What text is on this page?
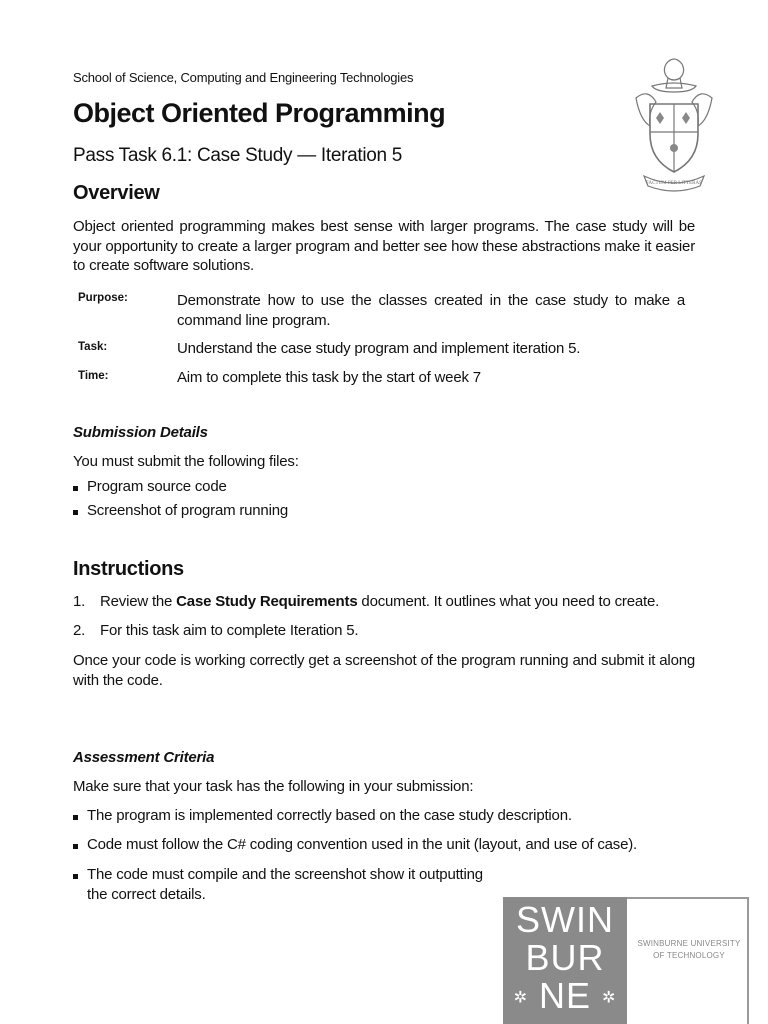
School of Science, Computing and Engineering Technologies
Object Oriented Programming
Pass Task 6.1: Case Study — Iteration 5
FACTUM PER LITTERAS
Overview
Object oriented programming makes best sense with larger programs. The case study will be your opportunity to create a larger program and better see how these abstractions make it easier to create software solutions.
Purpose:	Demonstrate how to use the classes created in the case study to make a command line program.
Task:	Understand the case study program and implement iteration 5.
Time:	Aim to complete this task by the start of week 7
Submission Details
You must submit the following files:
Program source code
Screenshot of program running
Instructions
1. Review the Case Study Requirements document. It outlines what you need to create.
2. For this task aim to complete Iteration 5.
Once your code is working correctly get a screenshot of the program running and submit it along with the code.
Assessment Criteria
Make sure that your task has the following in your submission:
The program is implemented correctly based on the case study description.
Code must follow the C# coding convention used in the unit (layout, and use of case).
The code must compile and the screenshot show it outputting the correct details.
SWIN
BUR
✲ NE ✲
SWINBURNE UNIVERSITY
OF TECHNOLOGY
